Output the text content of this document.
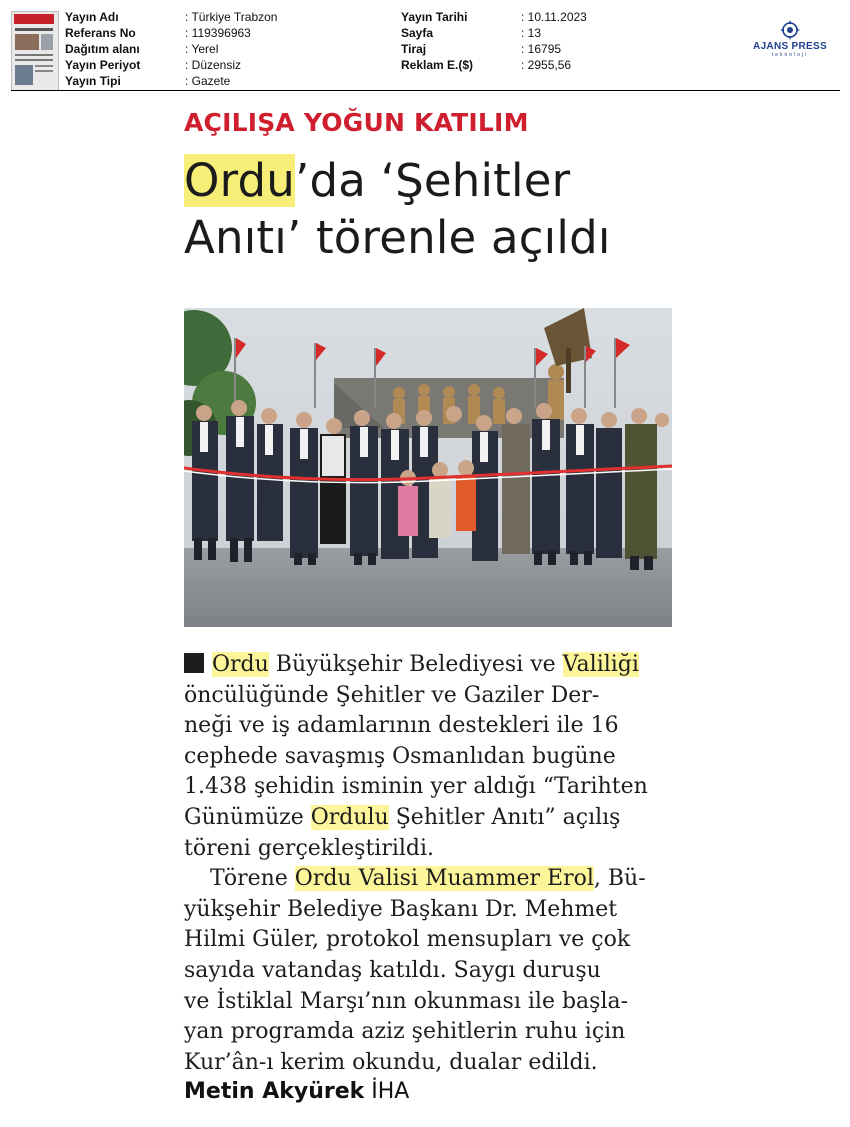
Yayın Adı	: Türkiye Trabzon
Referans No	: 119396963
Dağıtım alanı	: Yerel
Yayın Periyot	: Düzensiz
Yayın Tipi	: Gazete
Yayın Tarihi	: 10.11.2023
Sayfa	: 13
Tiraj	: 16795
Reklam E.($)	: 2955,56
AJANS PRESS
teknoloji
AÇILIŞA YOĞUN KATILIM
Ordu’da ‘Şehitler
Anıtı’ törenle açıldı
Ordu Büyükşehir Belediyesi ve Valiliği
öncülüğünde Şehitler ve Gaziler Der-
neği ve iş adamlarının destekleri ile 16
cephede savaşmış Osmanlıdan bugüne
1.438 şehidin isminin yer aldığı “Tarihten
Günümüze Ordulu Şehitler Anıtı” açılış
töreni gerçekleştirildi.
Törene Ordu Valisi Muammer Erol, Bü-
yükşehir Belediye Başkanı Dr. Mehmet
Hilmi Güler, protokol mensupları ve çok
sayıda vatandaş katıldı. Saygı duruşu
ve İstiklal Marşı’nın okunması ile başla-
yan programda aziz şehitlerin ruhu için
Kur’ân-ı kerim okundu, dualar edildi.
Metin Akyürek İHA
